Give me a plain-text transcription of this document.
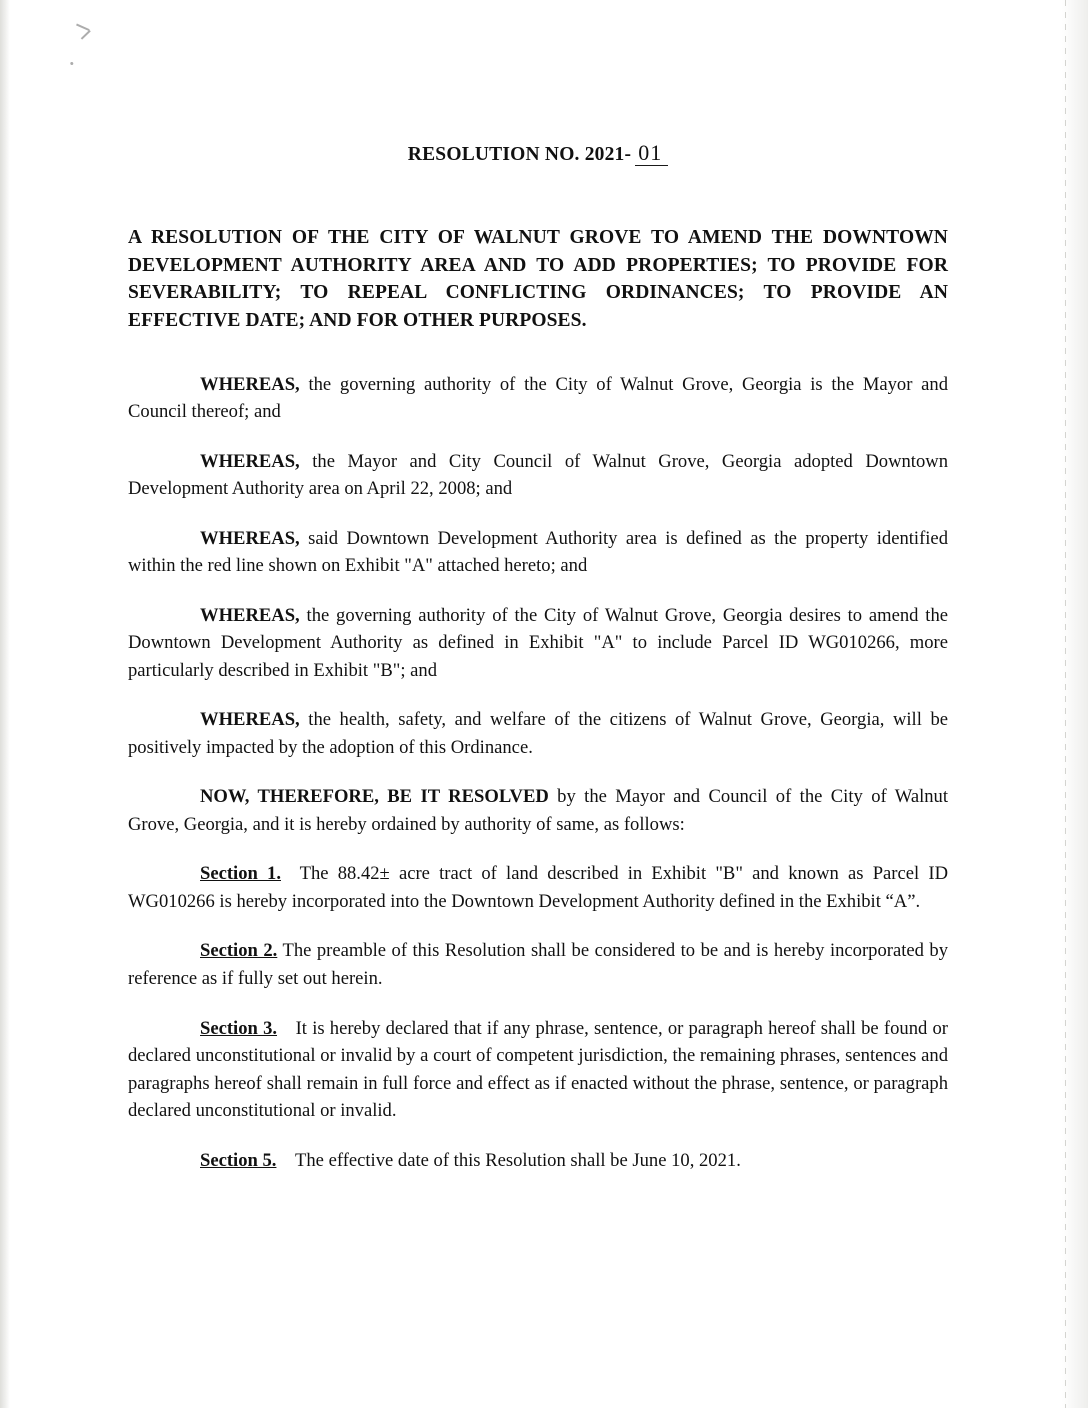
RESOLUTION NO. 2021- 01
A RESOLUTION OF THE CITY OF WALNUT GROVE TO AMEND THE DOWNTOWN DEVELOPMENT AUTHORITY AREA AND TO ADD PROPERTIES; TO PROVIDE FOR SEVERABILITY; TO REPEAL CONFLICTING ORDINANCES; TO PROVIDE AN EFFECTIVE DATE; AND FOR OTHER PURPOSES.

WHEREAS, the governing authority of the City of Walnut Grove, Georgia is the Mayor and Council thereof; and

WHEREAS, the Mayor and City Council of Walnut Grove, Georgia adopted Downtown Development Authority area on April 22, 2008; and

WHEREAS, said Downtown Development Authority area is defined as the property identified within the red line shown on Exhibit "A" attached hereto; and

WHEREAS, the governing authority of the City of Walnut Grove, Georgia desires to amend the Downtown Development Authority as defined in Exhibit "A" to include Parcel ID WG010266, more particularly described in Exhibit "B"; and

WHEREAS, the health, safety, and welfare of the citizens of Walnut Grove, Georgia, will be positively impacted by the adoption of this Ordinance.

NOW, THEREFORE, BE IT RESOLVED by the Mayor and Council of the City of Walnut Grove, Georgia, and it is hereby ordained by authority of same, as follows:

Section 1. The 88.42± acre tract of land described in Exhibit "B" and known as Parcel ID WG010266 is hereby incorporated into the Downtown Development Authority defined in the Exhibit “A”.

Section 2. The preamble of this Resolution shall be considered to be and is hereby incorporated by reference as if fully set out herein.

Section 3. It is hereby declared that if any phrase, sentence, or paragraph hereof shall be found or declared unconstitutional or invalid by a court of competent jurisdiction, the remaining phrases, sentences and paragraphs hereof shall remain in full force and effect as if enacted without the phrase, sentence, or paragraph declared unconstitutional or invalid.

Section 5. The effective date of this Resolution shall be June 10, 2021.
